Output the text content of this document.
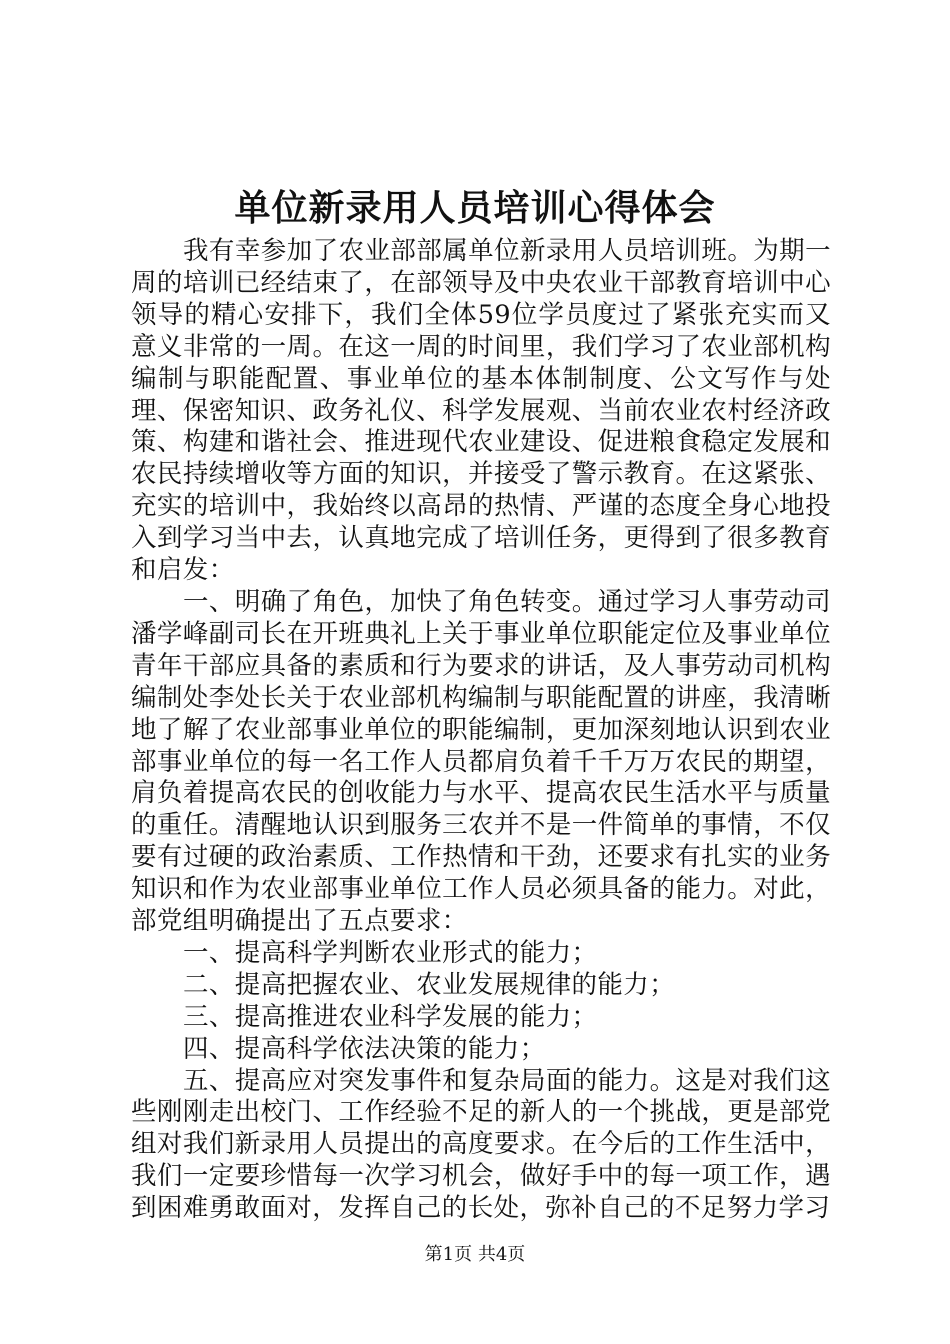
单位新录用人员培训心得体会

我有幸参加了农业部部属单位新录用人员培训班。为期一周的培训已经结束了，在部领导及中央农业干部教育培训中心领导的精心安排下，我们全体59位学员度过了紧张充实而又意义非常的一周。在这一周的时间里，我们学习了农业部机构编制与职能配置、事业单位的基本体制制度、公文写作与处理、保密知识、政务礼仪、科学发展观、当前农业农村经济政策、构建和谐社会、推进现代农业建设、促进粮食稳定发展和农民持续增收等方面的知识，并接受了警示教育。在这紧张、充实的培训中，我始终以高昂的热情、严谨的态度全身心地投入到学习当中去，认真地完成了培训任务，更得到了很多教育和启发：

一、明确了角色，加快了角色转变。通过学习人事劳动司潘学峰副司长在开班典礼上关于事业单位职能定位及事业单位青年干部应具备的素质和行为要求的讲话，及人事劳动司机构编制处李处长关于农业部机构编制与职能配置的讲座，我清晰地了解了农业部事业单位的职能编制，更加深刻地认识到农业部事业单位的每一名工作人员都肩负着千千万万农民的期望，肩负着提高农民的创收能力与水平、提高农民生活水平与质量的重任。清醒地认识到服务三农并不是一件简单的事情，不仅要有过硬的政治素质、工作热情和干劲，还要求有扎实的业务知识和作为农业部事业单位工作人员必须具备的能力。对此，部党组明确提出了五点要求：

一、提高科学判断农业形式的能力；

二、提高把握农业、农业发展规律的能力；

三、提高推进农业科学发展的能力；

四、提高科学依法决策的能力；

五、提高应对突发事件和复杂局面的能力。这是对我们这些刚刚走出校门、工作经验不足的新人的一个挑战，更是部党组对我们新录用人员提出的高度要求。在今后的工作生活中，我们一定要珍惜每一次学习机会，做好手中的每一项工作，遇到困难勇敢面对，发挥自己的长处，弥补自己的不足努力学习

第1页 共4页
